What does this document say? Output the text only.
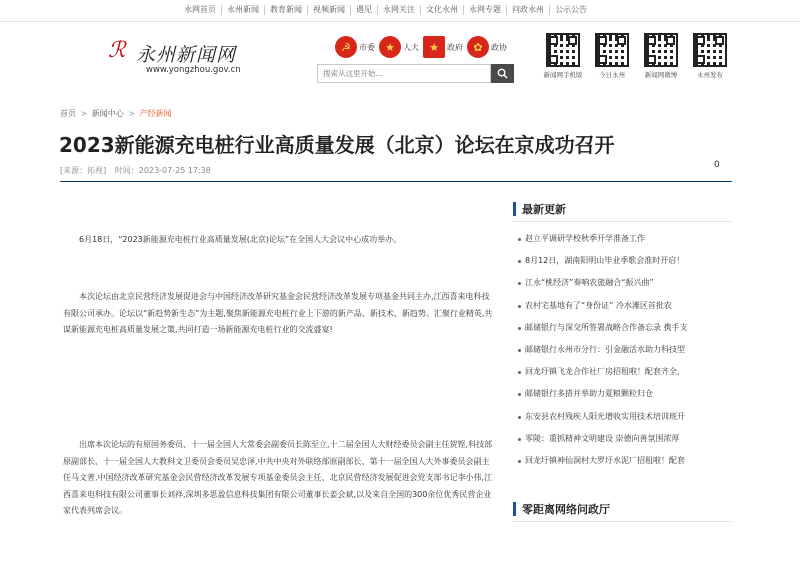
永网首页	永州新闻	教育新闻	视频新闻	遇见	永网关注	文化永州	永网专题	问政永州	公示公告
ℛ 永州新闻网
www.yongzhou.gov.cn
☭	市委 ★	人大 ★	政府 ✿	政协
搜索从这里开始...
新闻网手机版	今日永州	新闻网微博	永州发布
首页 > 新闻中心 > 产经新闻
2023新能源充电桩行业高质量发展（北京）论坛在京成功召开
[来源：拓视] 时间：2023-07-25 17:38
0

6月18日，“2023新能源充电桩行业高质量发展(北京)论坛”在全国人大会议中心成功举办。

本次论坛由北京民营经济发展促进会与中国经济改革研究基金会民营经济改革发展专项基金共同主办,江西喜来电科技有限公司承办。论坛以“新趋势新生态”为主题,聚焦新能源充电桩行业上下游的新产品、新技术、新趋势。汇聚行业精英,共谋新能源充电桩高质量发展之策,共同打造一场新能源充电桩行业的交流盛宴!

出席本次论坛的有原国务委员、十一届全国人大常委会副委员长陈至立,十二届全国人大财经委员会副主任贺铿,科技部原副部长、十一届全国人大教科文卫委员会委员吴忠泽,中共中央对外联络部原副部长、第十一届全国人大外事委员会副主任马文普,中国经济改革研究基金会民营经济改革发展专项基金委员会主任、北京民营经济发展促进会党支部书记李小伟,江西喜来电科技有限公司董事长刘祥,深圳多思盈信息科技集团有限公司董事长姜会斌,以及来自全国的300余位优秀民营企业家代表列席会议。

最新更新
赵立平调研学校秋季开学准备工作
8月12日，湖南阳明山毕业季歌会准时开启！
江永“桃经济”奏响农旅融合“振兴曲”
农村宅基地有了“身份证” 冷水滩区首批农
邮储银行与深交所签署战略合作备忘录 携手支
邮储银行永州市分行：引金融活水助力科技型
回龙圩镇飞龙合作社厂房招租啦！配套齐全，
邮储银行多措并举助力夏粮颗粒归仓
东安县农村残疾人阳光增收实用技术培训班开
零陵：重抓精神文明建设 崇德向善氛围浓厚
回龙圩镇神仙洞村大罗圩水泥厂招租啦！配套
零距离网络问政厅
